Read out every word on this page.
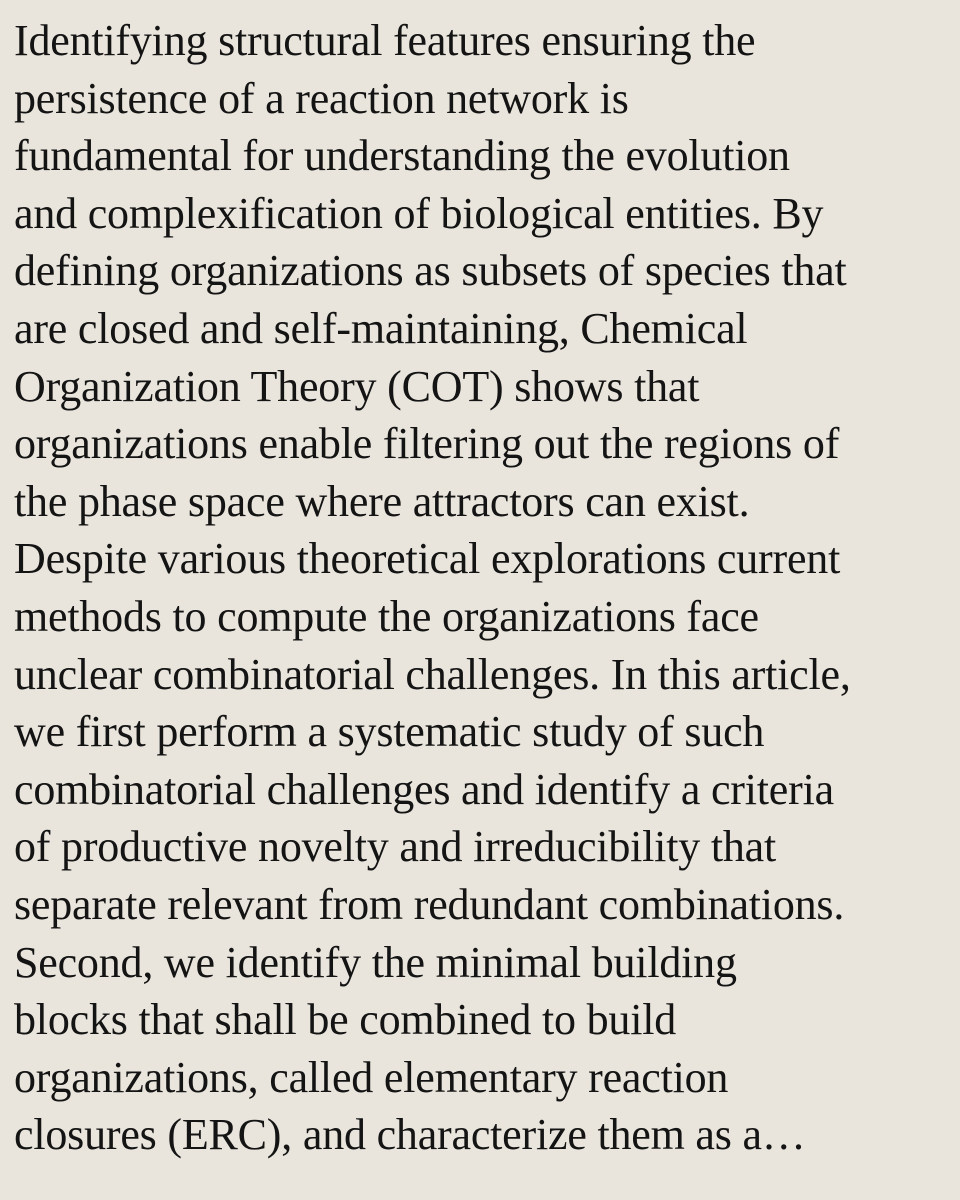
Identifying structural features ensuring the
persistence of a reaction network is
fundamental for understanding the evolution
and complexification of biological entities. By
defining organizations as subsets of species that
are closed and self-maintaining, Chemical
Organization Theory (COT) shows that
organizations enable filtering out the regions of
the phase space where attractors can exist.
Despite various theoretical explorations current
methods to compute the organizations face
unclear combinatorial challenges. In this article,
we first perform a systematic study of such
combinatorial challenges and identify a criteria
of productive novelty and irreducibility that
separate relevant from redundant combinations.
Second, we identify the minimal building
blocks that shall be combined to build
organizations, called elementary reaction
closures (ERC), and characterize them as a…
